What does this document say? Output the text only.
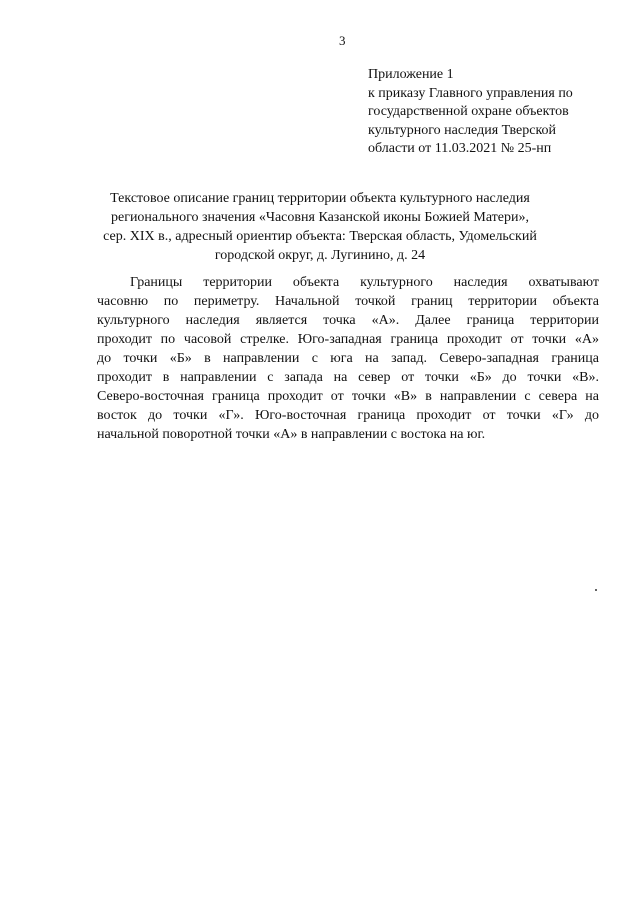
3
Приложение 1
к приказу Главного управления по
государственной охране объектов
культурного наследия Тверской
области от 11.03.2021 № 25-нп
Текстовое описание границ территории объекта культурного наследия
регионального значения «Часовня Казанской иконы Божией Матери»,
сер. XIX в., адресный ориентир объекта: Тверская область, Удомельский
городской округ, д. Лугинино, д. 24
Границы территории объекта культурного наследия охватывают
часовню по периметру. Начальной точкой границ территории объекта
культурного наследия является точка «А». Далее граница территории
проходит по часовой стрелке. Юго-западная граница проходит от точки «А»
до точки «Б» в направлении с юга на запад. Северо-западная граница
проходит в направлении с запада на север от точки «Б» до точки «В».
Северо-восточная граница проходит от точки «В» в направлении с севера на
восток до точки «Г». Юго-восточная граница проходит от точки «Г» до
начальной поворотной точки «А» в направлении с востока на юг.
